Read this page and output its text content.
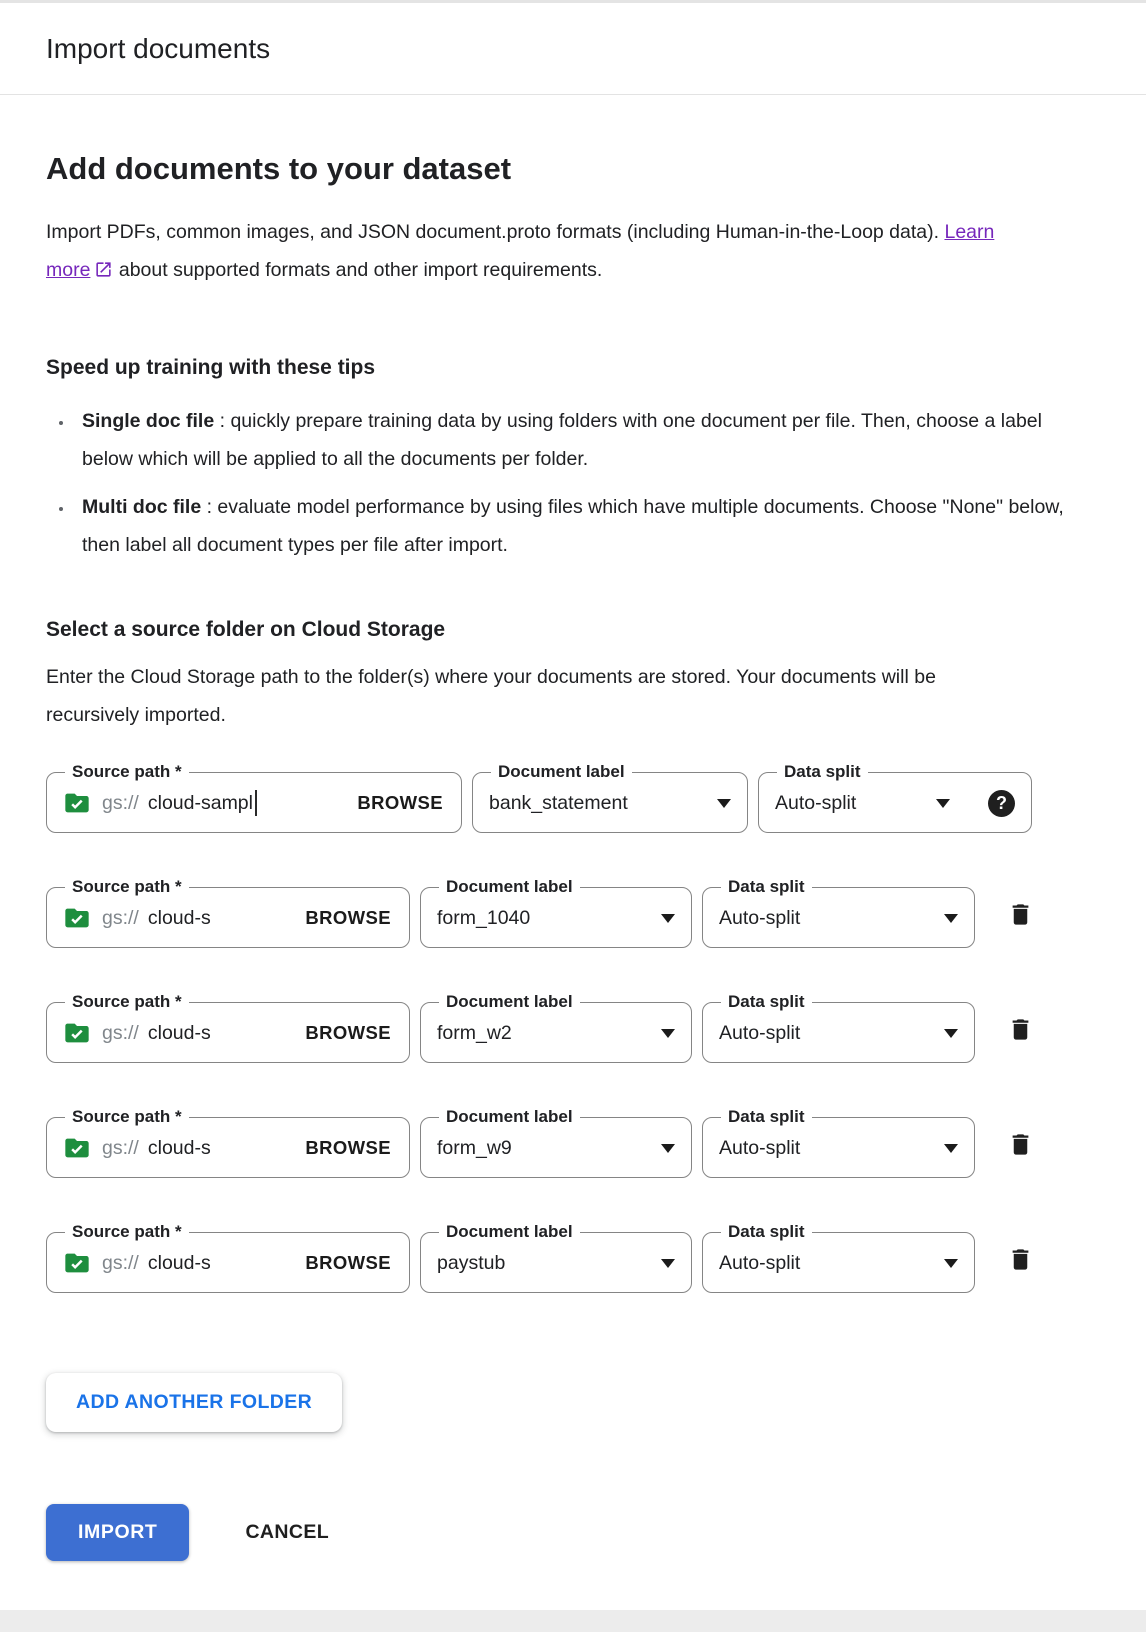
Import documents
Add documents to your dataset

Import PDFs, common images, and JSON document.proto formats (including Human-in-the-Loop data). Learn more about supported formats and other import requirements.

Speed up training with these tips
• Single doc file : quickly prepare training data by using folders with one document per file. Then, choose a label below which will be applied to all the documents per folder.
• Multi doc file : evaluate model performance by using files which have multiple documents. Choose "None" below, then label all document types per file after import.
Select a source folder on Cloud Storage

Enter the Cloud Storage path to the folder(s) where your documents are stored. Your documents will be recursively imported.

Source path *
gs:// cloud-sampl	BROWSE
Document label
bank_statement
Data split
Auto-split	?
Source path *
gs:// cloud-s	BROWSE
Document label
form_1040
Data split
Auto-split
Source path *
gs:// cloud-s	BROWSE
Document label
form_w2
Data split
Auto-split
Source path *
gs:// cloud-s	BROWSE
Document label
form_w9
Data split
Auto-split
Source path *
gs:// cloud-s	BROWSE
Document label
paystub
Data split
Auto-split
ADD ANOTHER FOLDER
IMPORT	CANCEL
